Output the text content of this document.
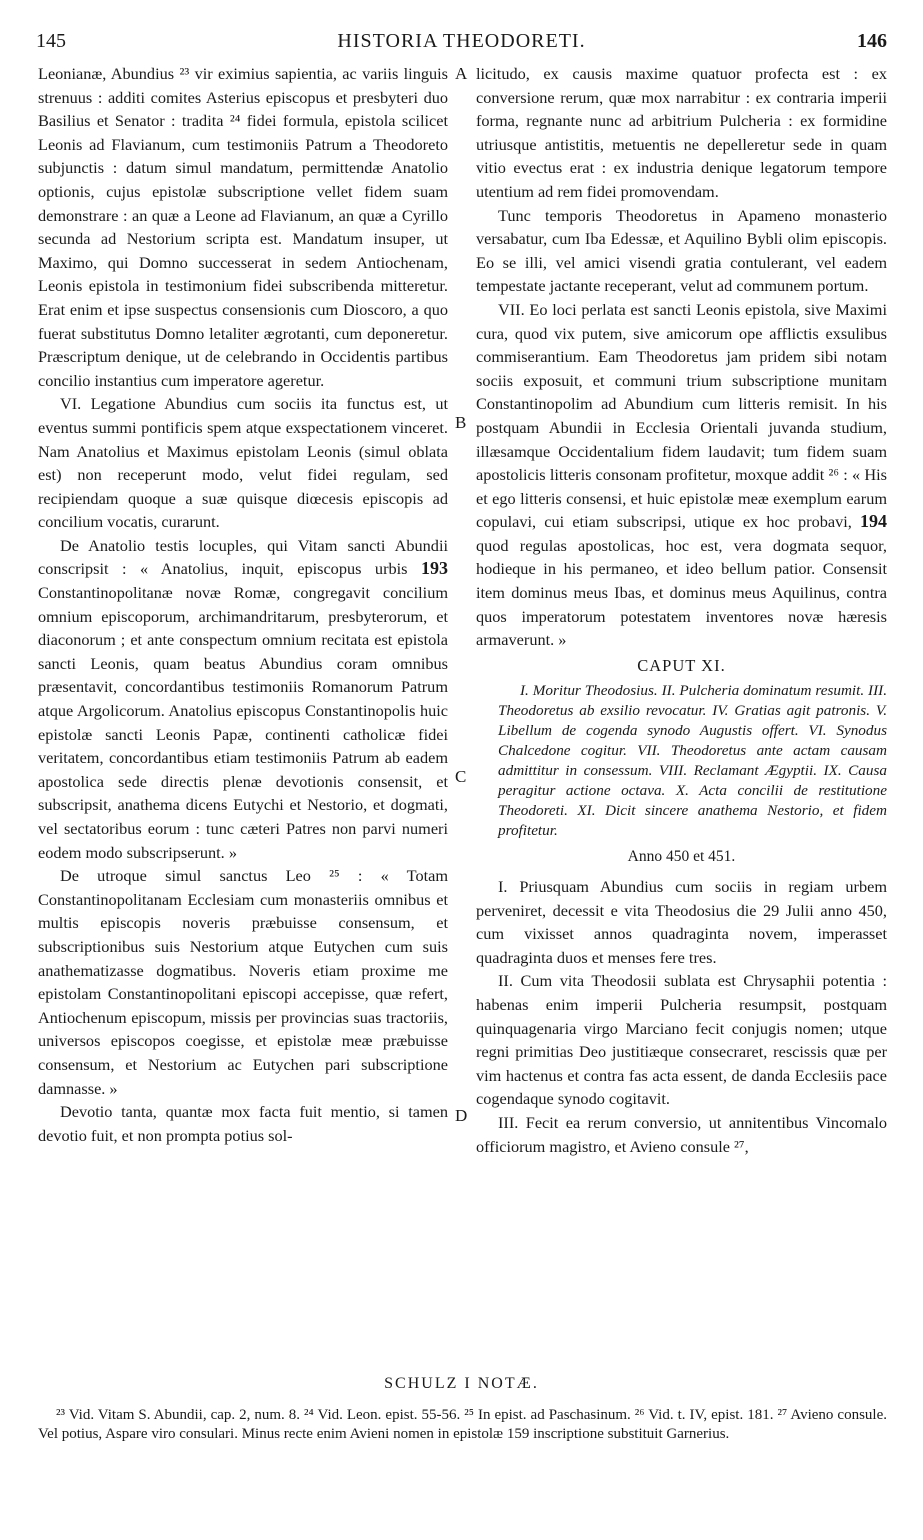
145	HISTORIA THEODORETI.	146
A
B
C
D

Leonianæ, Abundius ²³ vir eximius sapientia, ac variis linguis strenuus : additi comites Asterius episcopus et presbyteri duo Basilius et Senator : tradita ²⁴ fidei formula, epistola scilicet Leonis ad Flavianum, cum testimoniis Patrum a Theodoreto subjunctis : datum simul mandatum, permittendæ Anatolio optionis, cujus epistolæ subscriptione vellet fidem suam demonstrare : an quæ a Leone ad Flavianum, an quæ a Cyrillo secunda ad Nestorium scripta est. Mandatum insuper, ut Maximo, qui Domno successerat in sedem Antiochenam, Leonis epistola in testimonium fidei subscribenda mitteretur. Erat enim et ipse suspectus consensionis cum Dioscoro, a quo fuerat substitutus Domno letaliter ægrotanti, cum deponeretur. Præscriptum denique, ut de celebrando in Occidentis partibus concilio instantius cum imperatore ageretur.

VI. Legatione Abundius cum sociis ita functus est, ut eventus summi pontificis spem atque exspectationem vinceret. Nam Anatolius et Maximus epistolam Leonis (simul oblata est) non receperunt modo, velut fidei regulam, sed recipiendam quoque a suæ quisque diœcesis episcopis ad concilium vocatis, curarunt.

De Anatolio testis locuples, qui Vitam sancti Abundii conscripsit : « Anatolius, inquit, episcopus urbis 193 Constantinopolitanæ novæ Romæ, congregavit concilium omnium episcoporum, archimandritarum, presbyterorum, et diaconorum ; et ante conspectum omnium recitata est epistola sancti Leonis, quam beatus Abundius coram omnibus præsentavit, concordantibus testimoniis Romanorum Patrum atque Argolicorum. Anatolius episcopus Constantinopolis huic epistolæ sancti Leonis Papæ, continenti catholicæ fidei veritatem, concordantibus etiam testimoniis Patrum ab eadem apostolica sede directis plenæ devotionis consensit, et subscripsit, anathema dicens Eutychi et Nestorio, et dogmati, vel sectatoribus eorum : tunc cæteri Patres non parvi numeri eodem modo subscripserunt. »

De utroque simul sanctus Leo ²⁵ : « Totam Constantinopolitanam Ecclesiam cum monasteriis omnibus et multis episcopis noveris præbuisse consensum, et subscriptionibus suis Nestorium atque Eutychen cum suis anathematizasse dogmatibus. Noveris etiam proxime me epistolam Constantinopolitani episcopi accepisse, quæ refert, Antiochenum episcopum, missis per provincias suas tractoriis, universos episcopos coegisse, et epistolæ meæ præbuisse consensum, et Nestorium ac Eutychen pari subscriptione damnasse. »

Devotio tanta, quantæ mox facta fuit mentio, si tamen devotio fuit, et non prompta potius sol-

licitudo, ex causis maxime quatuor profecta est : ex conversione rerum, quæ mox narrabitur : ex contraria imperii forma, regnante nunc ad arbitrium Pulcheria : ex formidine utriusque antistitis, metuentis ne depelleretur sede in quam vitio evectus erat : ex industria denique legatorum tempore utentium ad rem fidei promovendam.

Tunc temporis Theodoretus in Apameno monasterio versabatur, cum Iba Edessæ, et Aquilino Bybli olim episcopis. Eo se illi, vel amici visendi gratia contulerant, vel eadem tempestate jactante receperant, velut ad communem portum.

VII. Eo loci perlata est sancti Leonis epistola, sive Maximi cura, quod vix putem, sive amicorum ope afflictis exsulibus commiserantium. Eam Theodoretus jam pridem sibi notam sociis exposuit, et communi trium subscriptione munitam Constantinopolim ad Abundium cum litteris remisit. In his postquam Abundii in Ecclesia Orientali juvanda studium, illæsamque Occidentalium fidem laudavit; tum fidem suam apostolicis litteris consonam profitetur, moxque addit ²⁶ : « His et ego litteris consensi, et huic epistolæ meæ exemplum earum copulavi, cui etiam subscripsi, utique ex hoc probavi, 194 quod regulas apostolicas, hoc est, vera dogmata sequor, hodieque in his permaneo, et ideo bellum patior. Consensit item dominus meus Ibas, et dominus meus Aquilinus, contra quos imperatorum potestatem inventores novæ hæresis armaverunt. »

CAPUT XI.

I. Moritur Theodosius. II. Pulcheria dominatum resumit. III. Theodoretus ab exsilio revocatur. IV. Gratias agit patronis. V. Libellum de cogenda synodo Augustis offert. VI. Synodus Chalcedone cogitur. VII. Theodoretus ante actam causam admittitur in consessum. VIII. Reclamant Ægyptii. IX. Causa peragitur actione octava. X. Acta concilii de restitutione Theodoreti. XI. Dicit sincere anathema Nestorio, et fidem profitetur.

Anno 450 et 451.

I. Priusquam Abundius cum sociis in regiam urbem perveniret, decessit e vita Theodosius die 29 Julii anno 450, cum vixisset annos quadraginta novem, imperasset quadraginta duos et menses fere tres.

II. Cum vita Theodosii sublata est Chrysaphii potentia : habenas enim imperii Pulcheria resumpsit, postquam quinquagenaria virgo Marciano fecit conjugis nomen; utque regni primitias Deo justitiæque consecraret, rescissis quæ per vim hactenus et contra fas acta essent, de danda Ecclesiis pace cogendaque synodo cogitavit.

III. Fecit ea rerum conversio, ut annitentibus Vincomalo officiorum magistro, et Avieno consule ²⁷,

SCHULZ I NOTÆ.

²³ Vid. Vitam S. Abundii, cap. 2, num. 8. ²⁴ Vid. Leon. epist. 55-56. ²⁵ In epist. ad Paschasinum. ²⁶ Vid. t. IV, epist. 181. ²⁷ Avieno consule. Vel potius, Aspare viro consulari. Minus recte enim Avieni nomen in epistolæ 159 inscriptione substituit Garnerius.
